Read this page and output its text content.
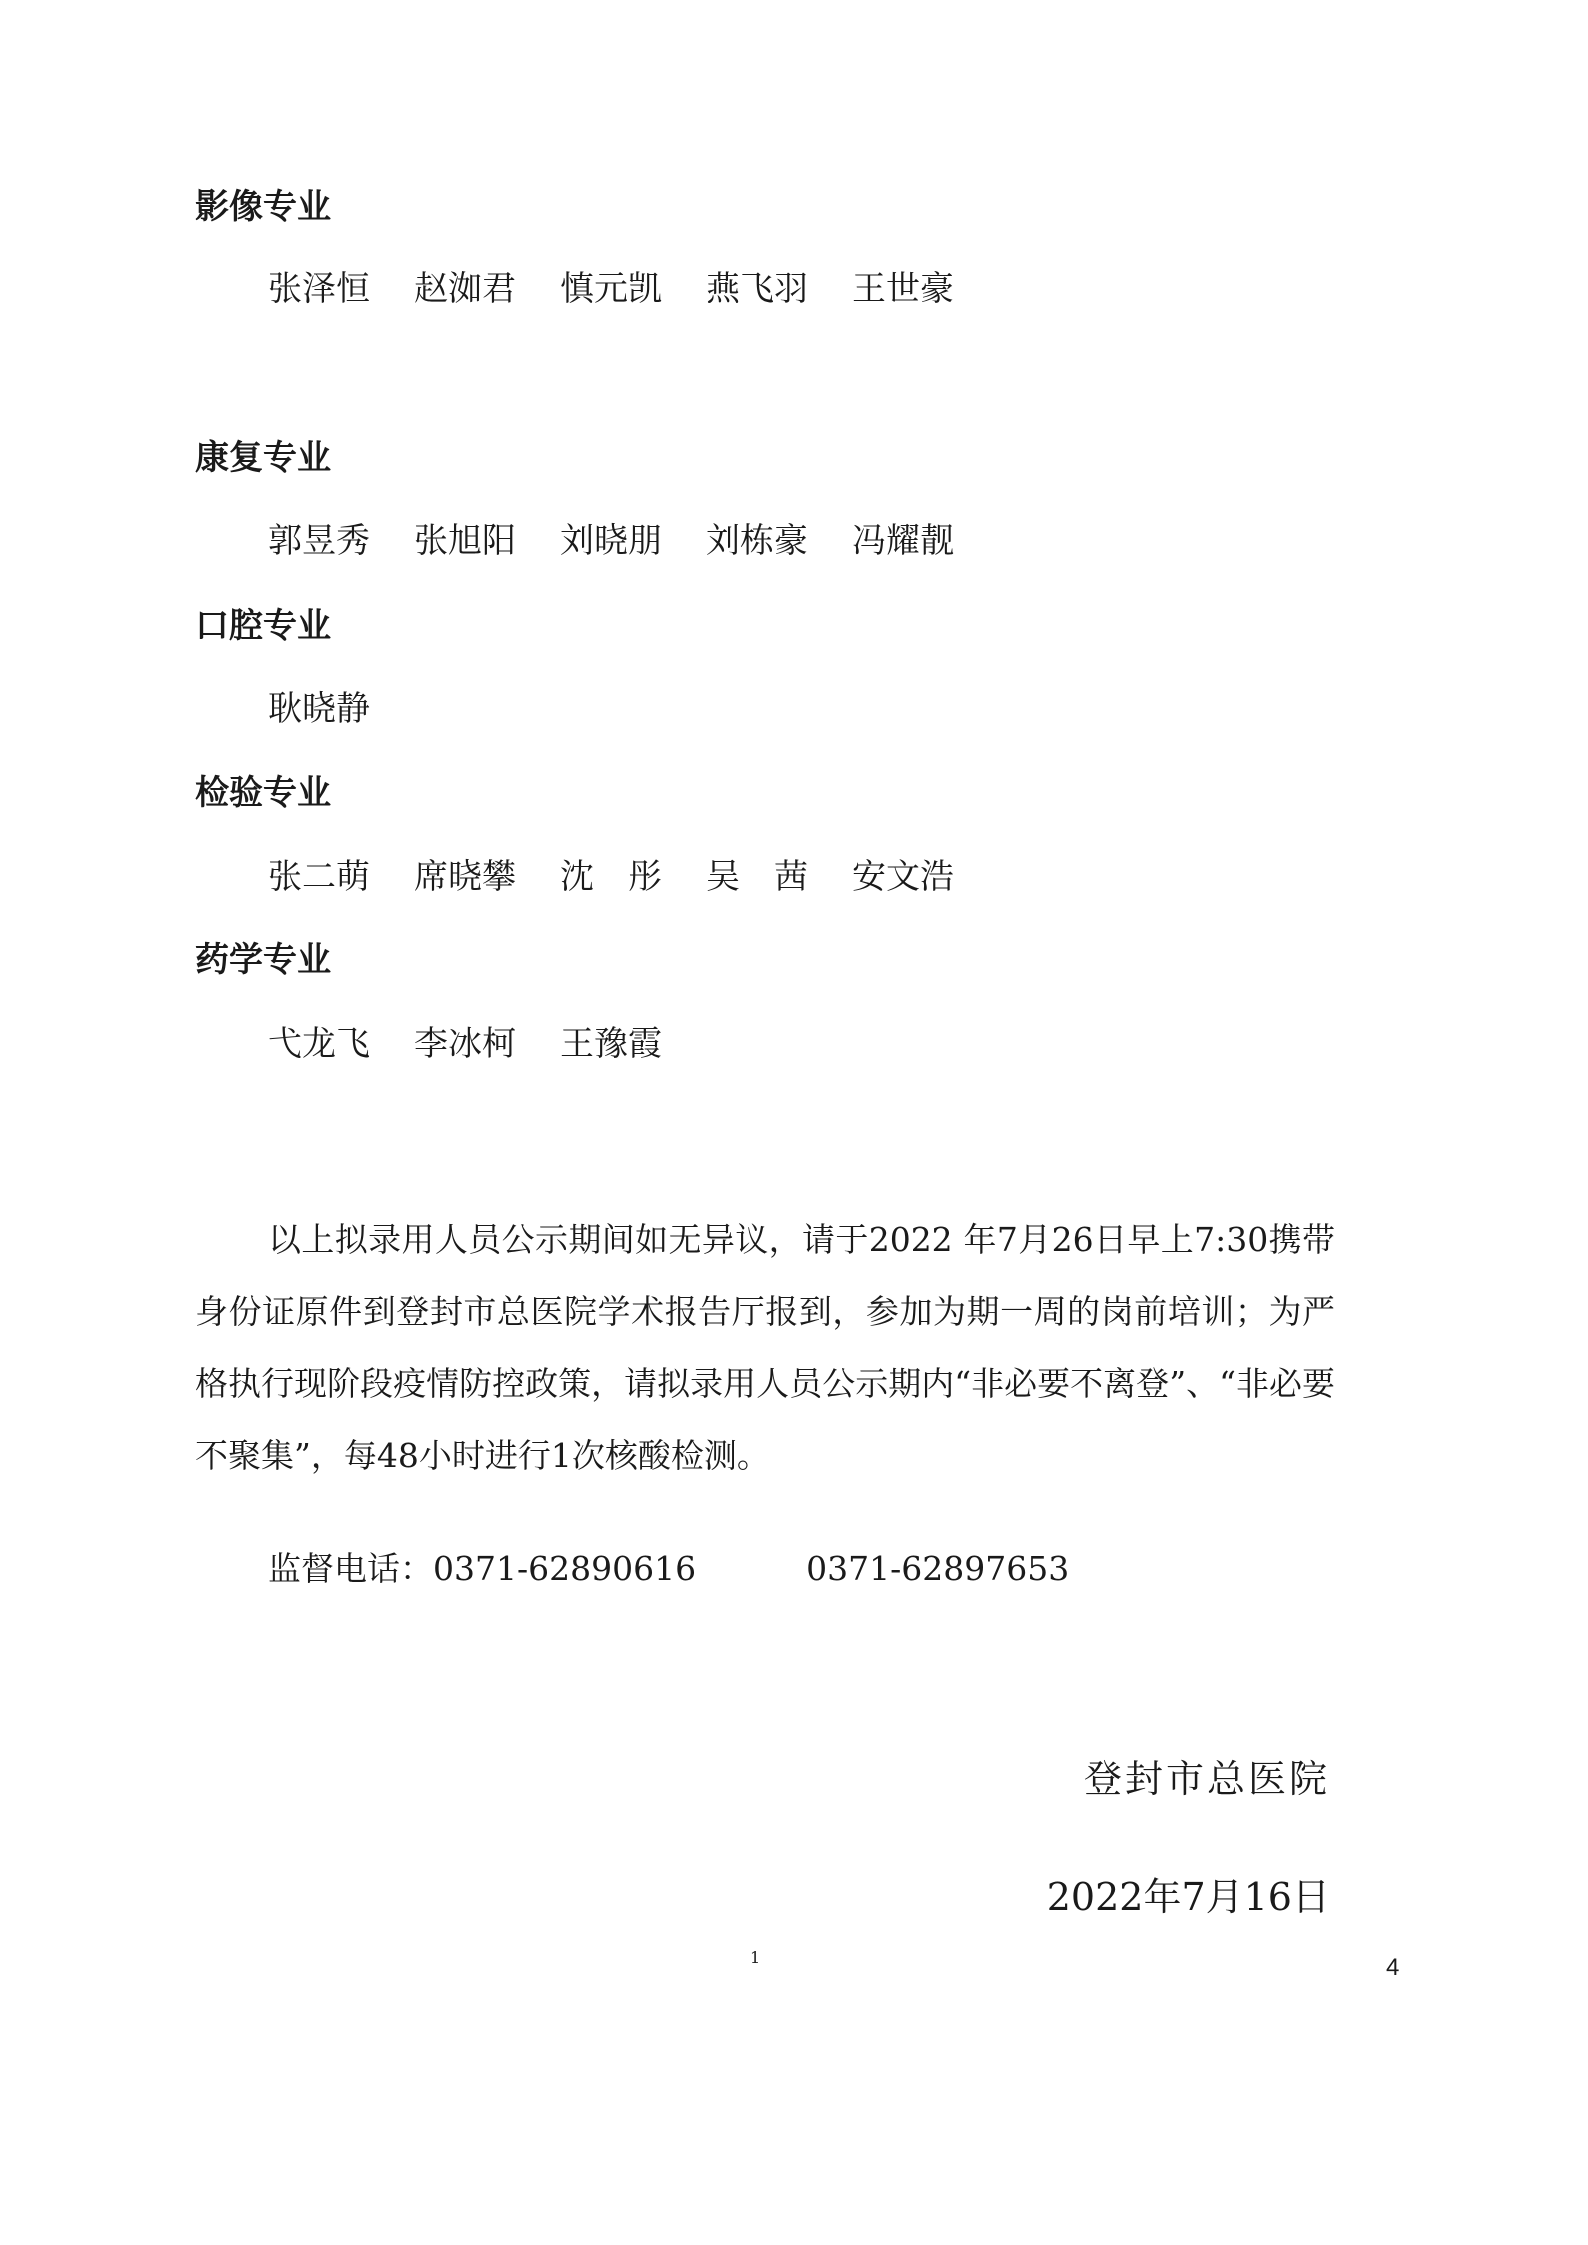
影像专业
张泽恒	赵洳君	慎元凯	燕飞羽	王世豪
康复专业
郭昱秀	张旭阳	刘晓朋	刘栋豪	冯耀靓
口腔专业
耿晓静
检验专业
张二萌	席晓攀	沈　彤	吴　茜	安文浩
药学专业
弋龙飞	李冰柯	王豫霞
以上拟录用人员公示期间如无异议，请于2022 年7月26日早上7:30携带身份证原件到登封市总医院学术报告厅报到，参加为期一周的岗前培训；为严格执行现阶段疫情防控政策，请拟录用人员公示期内“非必要不离登”、“非必要不聚集”，每48小时进行1次核酸检测。
监督电话：0371-62890616	0371-62897653
登封市总医院
2022年7月16日
1	4
